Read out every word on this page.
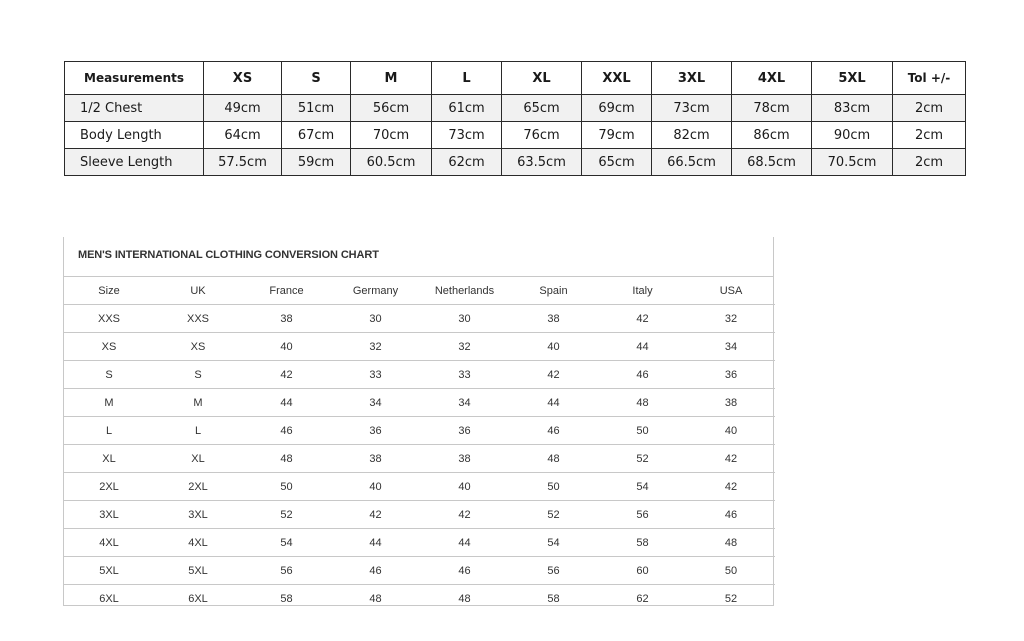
Measurements	XS	S	M	L	XL	XXL	3XL	4XL	5XL	Tol +/-
1/2 Chest	49cm	51cm	56cm	61cm	65cm	69cm	73cm	78cm	83cm	2cm
Body Length	64cm	67cm	70cm	73cm	76cm	79cm	82cm	86cm	90cm	2cm
Sleeve Length	57.5cm	59cm	60.5cm	62cm	63.5cm	65cm	66.5cm	68.5cm	70.5cm	2cm
MEN'S INTERNATIONAL CLOTHING CONVERSION CHART
Size	UK	France	Germany	Netherlands	Spain	Italy	USA
XXS	XXS	38	30	30	38	42	32
XS	XS	40	32	32	40	44	34
S	S	42	33	33	42	46	36
M	M	44	34	34	44	48	38
L	L	46	36	36	46	50	40
XL	XL	48	38	38	48	52	42
2XL	2XL	50	40	40	50	54	42
3XL	3XL	52	42	42	52	56	46
4XL	4XL	54	44	44	54	58	48
5XL	5XL	56	46	46	56	60	50
6XL	6XL	58	48	48	58	62	52
